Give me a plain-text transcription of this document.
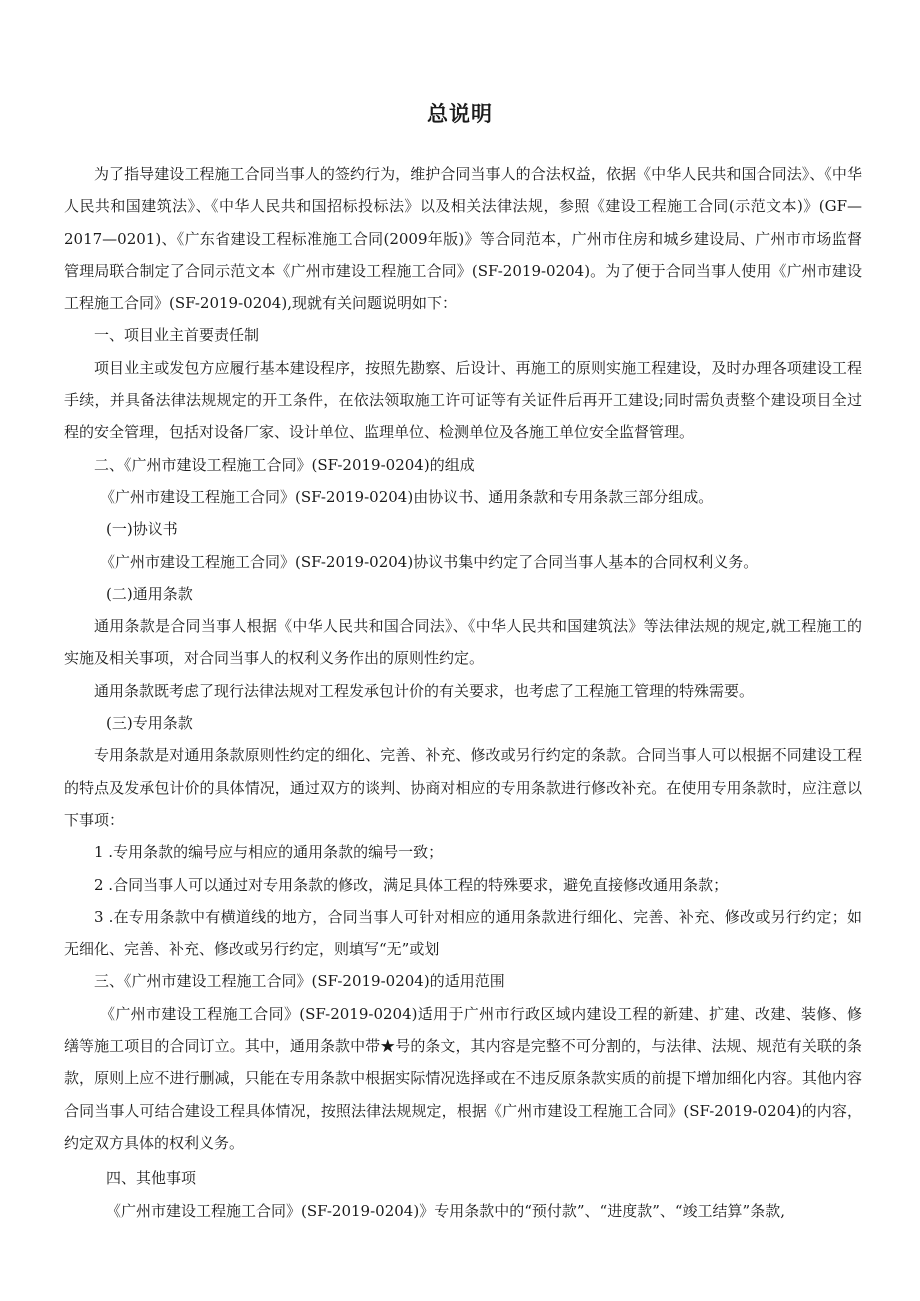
总说明

为了指导建设工程施工合同当事人的签约行为，维护合同当事人的合法权益，依据《中华人民共和国合同法》、《中华人民共和国建筑法》、《中华人民共和国招标投标法》以及相关法律法规，参照《建设工程施工合同(示范文本)》(GF—2017—0201)、《广东省建设工程标准施工合同(2009年版)》等合同范本，广州市住房和城乡建设局、广州市市场监督管理局联合制定了合同示范文本《广州市建设工程施工合同》(SF-2019-0204)。为了便于合同当事人使用《广州市建设工程施工合同》(SF-2019-0204),现就有关问题说明如下：

一、项目业主首要责任制

项目业主或发包方应履行基本建设程序，按照先勘察、后设计、再施工的原则实施工程建设，及时办理各项建设工程手续，并具备法律法规规定的开工条件，在依法领取施工许可证等有关证件后再开工建设;同时需负责整个建设项目全过程的安全管理，包括对设备厂家、设计单位、监理单位、检测单位及各施工单位安全监督管理。

二、《广州市建设工程施工合同》(SF-2019-0204)的组成

《广州市建设工程施工合同》(SF-2019-0204)由协议书、通用条款和专用条款三部分组成。

(一)协议书

《广州市建设工程施工合同》(SF-2019-0204)协议书集中约定了合同当事人基本的合同权利义务。

(二)通用条款

通用条款是合同当事人根据《中华人民共和国合同法》、《中华人民共和国建筑法》等法律法规的规定,就工程施工的实施及相关事项，对合同当事人的权利义务作出的原则性约定。

通用条款既考虑了现行法律法规对工程发承包计价的有关要求，也考虑了工程施工管理的特殊需要。

(三)专用条款

专用条款是对通用条款原则性约定的细化、完善、补充、修改或另行约定的条款。合同当事人可以根据不同建设工程的特点及发承包计价的具体情况，通过双方的谈判、协商对相应的专用条款进行修改补充。在使用专用条款时，应注意以下事项：

1 .专用条款的编号应与相应的通用条款的编号一致；

2 .合同当事人可以通过对专用条款的修改，满足具体工程的特殊要求，避免直接修改通用条款；

3 .在专用条款中有横道线的地方，合同当事人可针对相应的通用条款进行细化、完善、补充、修改或另行约定；如无细化、完善、补充、修改或另行约定，则填写“无”或划

三、《广州市建设工程施工合同》(SF-2019-0204)的适用范围

《广州市建设工程施工合同》(SF-2019-0204)适用于广州市行政区域内建设工程的新建、扩建、改建、装修、修缮等施工项目的合同订立。其中，通用条款中带★号的条文，其内容是完整不可分割的，与法律、法规、规范有关联的条款，原则上应不进行删减，只能在专用条款中根据实际情况选择或在不违反原条款实质的前提下增加细化内容。其他内容合同当事人可结合建设工程具体情况，按照法律法规规定，根据《广州市建设工程施工合同》(SF-2019-0204)的内容，约定双方具体的权利义务。

四、其他事项

《广州市建设工程施工合同》(SF-2019-0204)》专用条款中的“预付款”、“进度款”、“竣工结算”条款,
